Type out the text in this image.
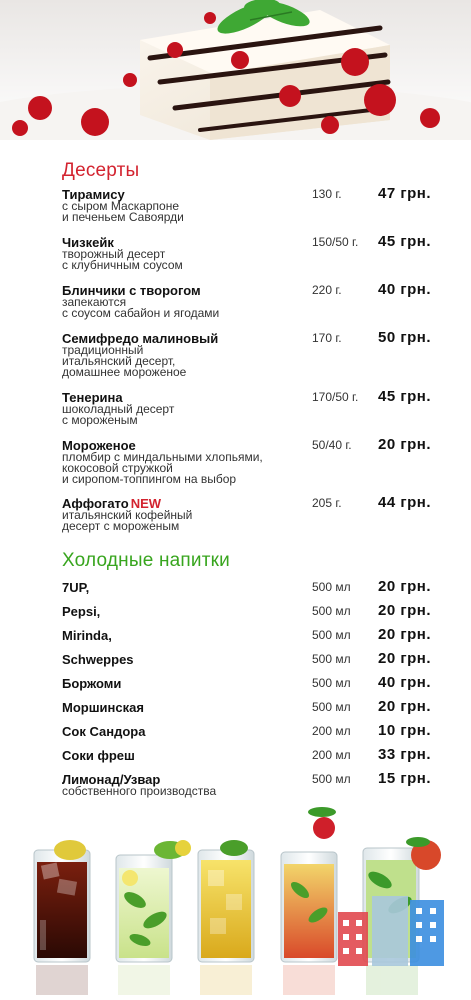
Десерты
Тирамису
с сыром Маскарпоне
и печеньем Савоярди
130 г. 47 грн.
Чизкейк
творожный десерт
с клубничным соусом
150/50 г. 45 грн.
Блинчики с творогом
запекаются
с соусом сабайон и ягодами
220 г. 40 грн.
Семифредо малиновый
традиционный
итальянский десерт,
домашнее мороженое
170 г. 50 грн.
Тенерина
шоколадный десерт
с мороженым
170/50 г. 45 грн.
Мороженое
пломбир с миндальными хлопьями,
кокосовой стружкой
и сиропом-топпингом на выбор
50/40 г. 20 грн.
Аффогато NEW
итальянский кофейный
десерт с мороженым
205 г. 44 грн.
Холодные напитки
7UP,	500 мл 20 грн.
Pepsi,	500 мл 20 грн.
Mirinda,	500 мл 20 грн.
Schweppes	500 мл 20 грн.
Боржоми	500 мл 40 грн.
Моршинская	500 мл 20 грн.
Сок Сандора	200 мл 10 грн.
Соки фреш	200 мл 33 грн.
Лимонад/Узвар
собственного производства
500 мл 15 грн.
